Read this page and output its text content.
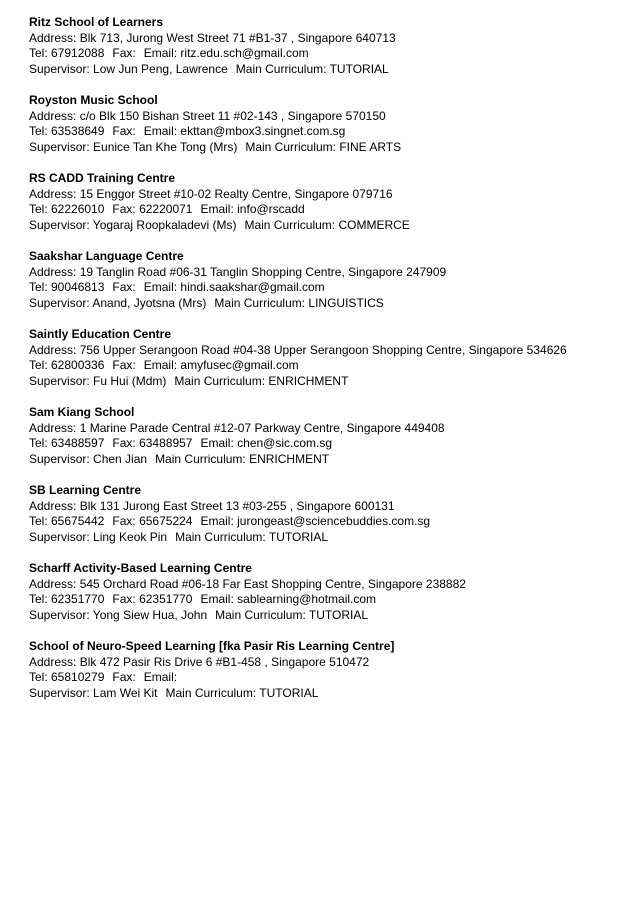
Ritz School of Learners
Address: Blk 713, Jurong West Street 71 #B1-37 , Singapore 640713
Tel: 67912088 Fax: Email: ritz.edu.sch@gmail.com
Supervisor: Low Jun Peng, Lawrence Main Curriculum: TUTORIAL
Royston Music School
Address: c/o Blk 150 Bishan Street 11 #02-143 , Singapore 570150
Tel: 63538649 Fax: Email: ekttan@mbox3.singnet.com.sg
Supervisor: Eunice Tan Khe Tong (Mrs) Main Curriculum: FINE ARTS
RS CADD Training Centre
Address: 15 Enggor Street #10-02 Realty Centre, Singapore 079716
Tel: 62226010 Fax: 62220071 Email: info@rscadd
Supervisor: Yogaraj Roopkaladevi (Ms) Main Curriculum: COMMERCE
Saakshar Language Centre
Address: 19 Tanglin Road #06-31 Tanglin Shopping Centre, Singapore 247909
Tel: 90046813 Fax: Email: hindi.saakshar@gmail.com
Supervisor: Anand, Jyotsna (Mrs) Main Curriculum: LINGUISTICS
Saintly Education Centre
Address: 756 Upper Serangoon Road #04-38 Upper Serangoon Shopping Centre, Singapore 534626
Tel: 62800336 Fax: Email: amyfusec@gmail.com
Supervisor: Fu Hui (Mdm) Main Curriculum: ENRICHMENT
Sam Kiang School
Address: 1 Marine Parade Central #12-07 Parkway Centre, Singapore 449408
Tel: 63488597 Fax: 63488957 Email: chen@sic.com.sg
Supervisor: Chen Jian Main Curriculum: ENRICHMENT
SB Learning Centre
Address: Blk 131 Jurong East Street 13 #03-255 , Singapore 600131
Tel: 65675442 Fax: 65675224 Email: jurongeast@sciencebuddies.com.sg
Supervisor: Ling Keok Pin Main Curriculum: TUTORIAL
Scharff Activity-Based Learning Centre
Address: 545 Orchard Road #06-18 Far East Shopping Centre, Singapore 238882
Tel: 62351770 Fax: 62351770 Email: sablearning@hotmail.com
Supervisor: Yong Siew Hua, John Main Curriculum: TUTORIAL
School of Neuro-Speed Learning [fka Pasir Ris Learning Centre]
Address: Blk 472 Pasir Ris Drive 6 #B1-458 , Singapore 510472
Tel: 65810279 Fax: Email:
Supervisor: Lam Wei Kit Main Curriculum: TUTORIAL
